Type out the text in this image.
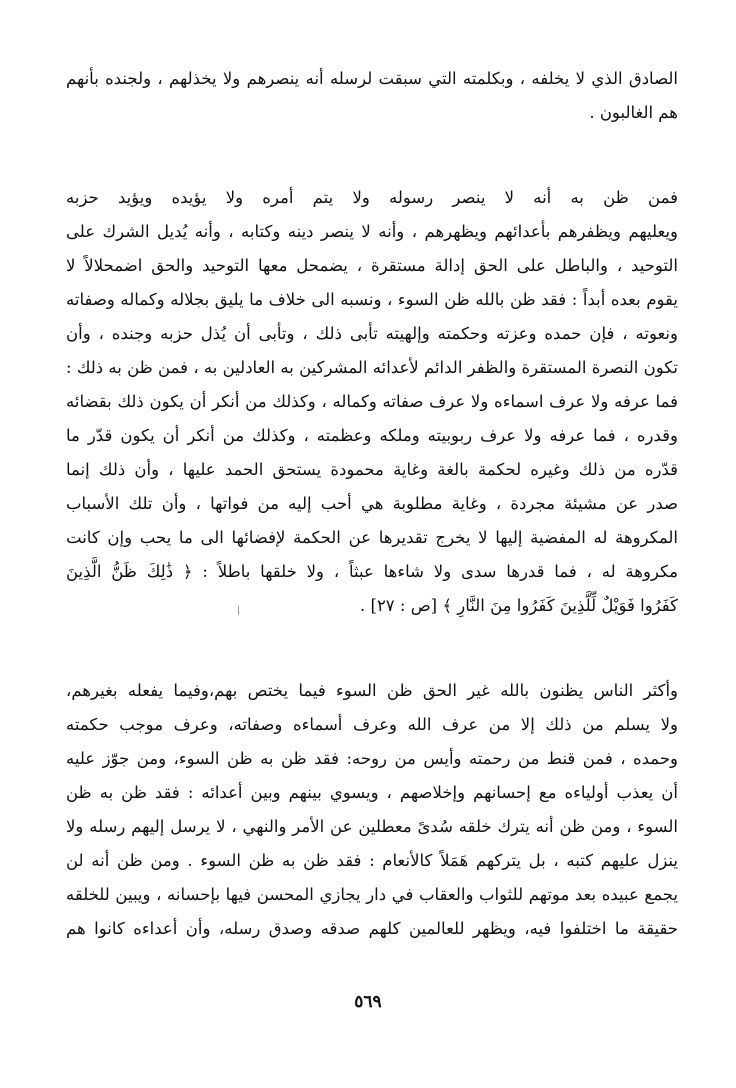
الصادق الذي لا يخلفه ، وبكلمته التي سبقت لرسله أنه ينصرهم ولا يخذلهم ، ولجنده بأنهم
هم الغالبون .
فمن ظن به أنه لا ينصر رسوله ولا يتم أمره ولا يؤيده ويؤيد حزبه
ويعليهم ويظفرهم بأعدائهم ويظهرهم ، وأنه لا ينصر دينه وكتابه ، وأنه يُديل الشرك على
التوحيد ، والباطل على الحق إدالة مستقرة ، يضمحل معها التوحيد والحق اضمحلالاً لا
يقوم بعده أبداً : فقد ظن بالله ظن السوء ، ونسبه الى خلاف ما يليق بجلاله وكماله وصفاته
ونعوته ، فإن حمده وعزته وحكمته وإلهيته تأبى ذلك ، وتأبى أن يُذل حزبه وجنده ، وأن
تكون النصرة المستقرة والظفر الدائم لأعدائه المشركين به العادلين به ، فمن ظن به ذلك :
فما عرفه ولا عرف اسماءه ولا عرف صفاته وكماله ، وكذلك من أنكر أن يكون ذلك بقضائه
وقدره ، فما عرفه ولا عرف ربوبيته وملكه وعظمته ، وكذلك من أنكر أن يكون قدّر ما
قدّره من ذلك وغيره لحكمة بالغة وغاية محمودة يستحق الحمد عليها ، وأن ذلك إنما
صدر عن مشيئة مجردة ، وغاية مطلوبة هي أحب إليه من فواتها ، وأن تلك الأسباب
المكروهة له المفضية إليها لا يخرج تقديرها عن الحكمة لإفضائها الى ما يحب وإن كانت
مكروهة له ، فما قدرها سدى ولا شاءها عبثاً ، ولا خلقها باطلاً : ﴿ ذَٰلِكَ ظَنُّ الَّذِينَ
كَفَرُوا فَوَيْلٌ لِّلَّذِينَ كَفَرُوا مِنَ النَّارِ ﴾ [ص : ٢٧] .
وأكثر الناس يظنون بالله غير الحق ظن السوء فيما يختص بهم،وفيما يفعله بغيرهم،
ولا يسلم من ذلك إلا من عرف الله وعرف أسماءه وصفاته، وعرف موجب حكمته
وحمده ، فمن قنط من رحمته وأيس من روحه: فقد ظن به ظن السوء، ومن جوّز عليه
أن يعذب أولياءه مع إحسانهم وإخلاصهم ، ويسوي بينهم وبين أعدائه : فقد ظن به ظن
السوء ، ومن ظن أنه يترك خلقه سُدىً معطلين عن الأمر والنهي ، لا يرسل إليهم رسله ولا
ينزل عليهم كتبه ، بل يتركهم هَمَلاً كالأنعام : فقد ظن به ظن السوء . ومن ظن أنه لن
يجمع عبيده بعد موتهم للثواب والعقاب في دار يجازي المحسن فيها بإحسانه ، ويبين للخلقه
حقيقة ما اختلفوا فيه، ويظهر للعالمين كلهم صدقه وصدق رسله، وأن أعداءه كانوا هم
٥٦٩
